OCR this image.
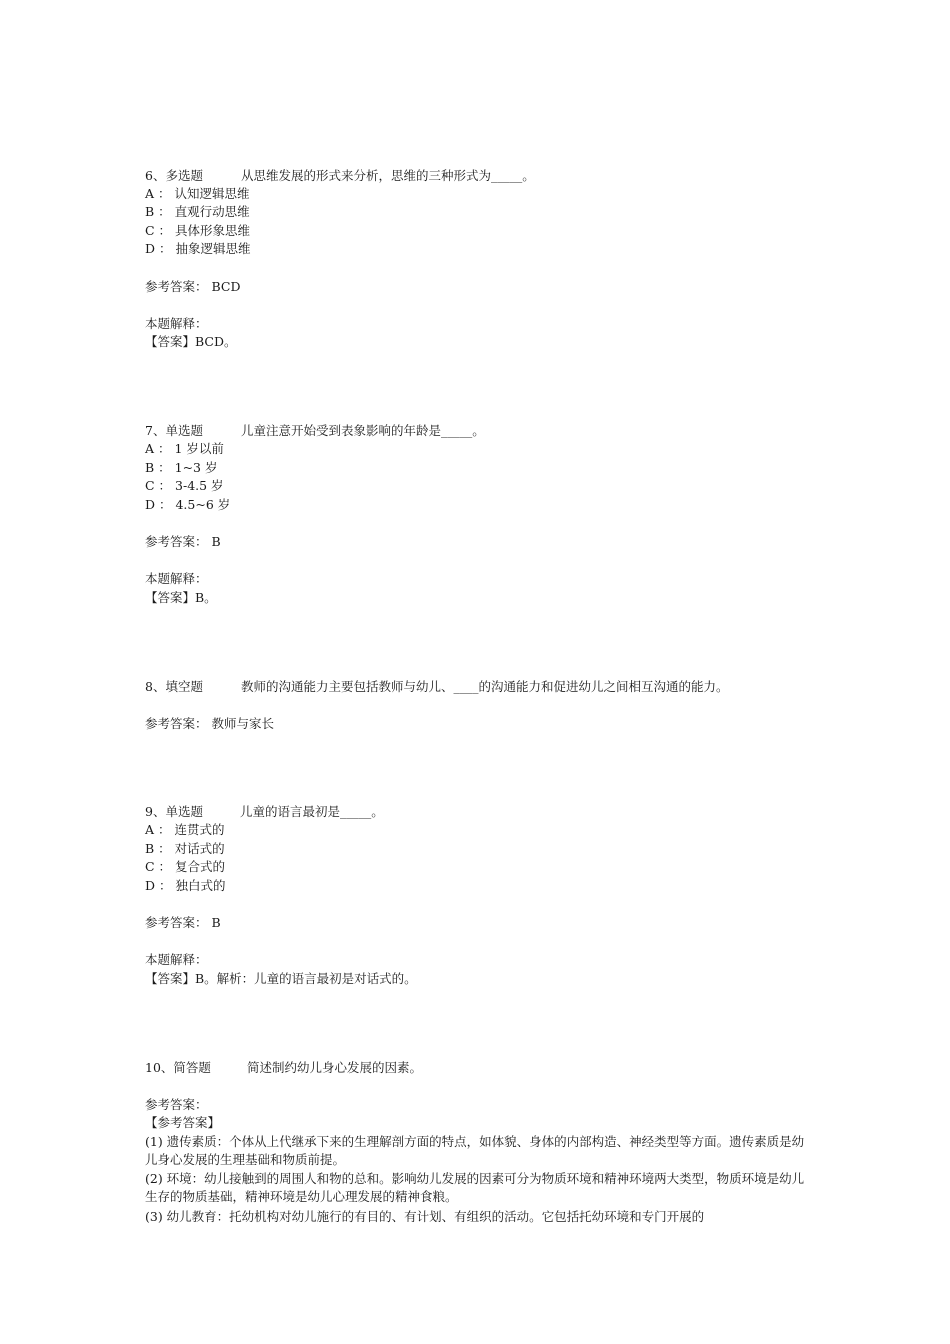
6、多选题	从思维发展的形式来分析，思维的三种形式为_____。
A ： 认知逻辑思维
B ： 直观行动思维
C ： 具体形象思维
D ： 抽象逻辑思维
参考答案： BCD
本题解释：
【答案】BCD。
7、单选题	儿童注意开始受到表象影响的年龄是_____。
A ： 1 岁以前
B ： 1~3 岁
C ： 3-4.5 岁
D ： 4.5~6 岁
参考答案： B
本题解释：
【答案】B。
8、填空题	教师的沟通能力主要包括教师与幼儿、____的沟通能力和促进幼儿之间相互沟通的能力。
参考答案： 教师与家长
9、单选题	儿童的语言最初是_____。
A ： 连贯式的
B ： 对话式的
C ： 复合式的
D ： 独白式的
参考答案： B
本题解释：
【答案】B。解析：儿童的语言最初是对话式的。
10、简答题	简述制约幼儿身心发展的因素。
参考答案：
【参考答案】
(1) 遗传素质：个体从上代继承下来的生理解剖方面的特点，如体貌、身体的内部构造、神经类型等方面。遗传素质是幼儿身心发展的生理基础和物质前提。
(2) 环境：幼儿接触到的周围人和物的总和。影响幼儿发展的因素可分为物质环境和精神环境两大类型，物质环境是幼儿生存的物质基础，精神环境是幼儿心理发展的精神食粮。
(3) 幼儿教育：托幼机构对幼儿施行的有目的、有计划、有组织的活动。它包括托幼环境和专门开展的
